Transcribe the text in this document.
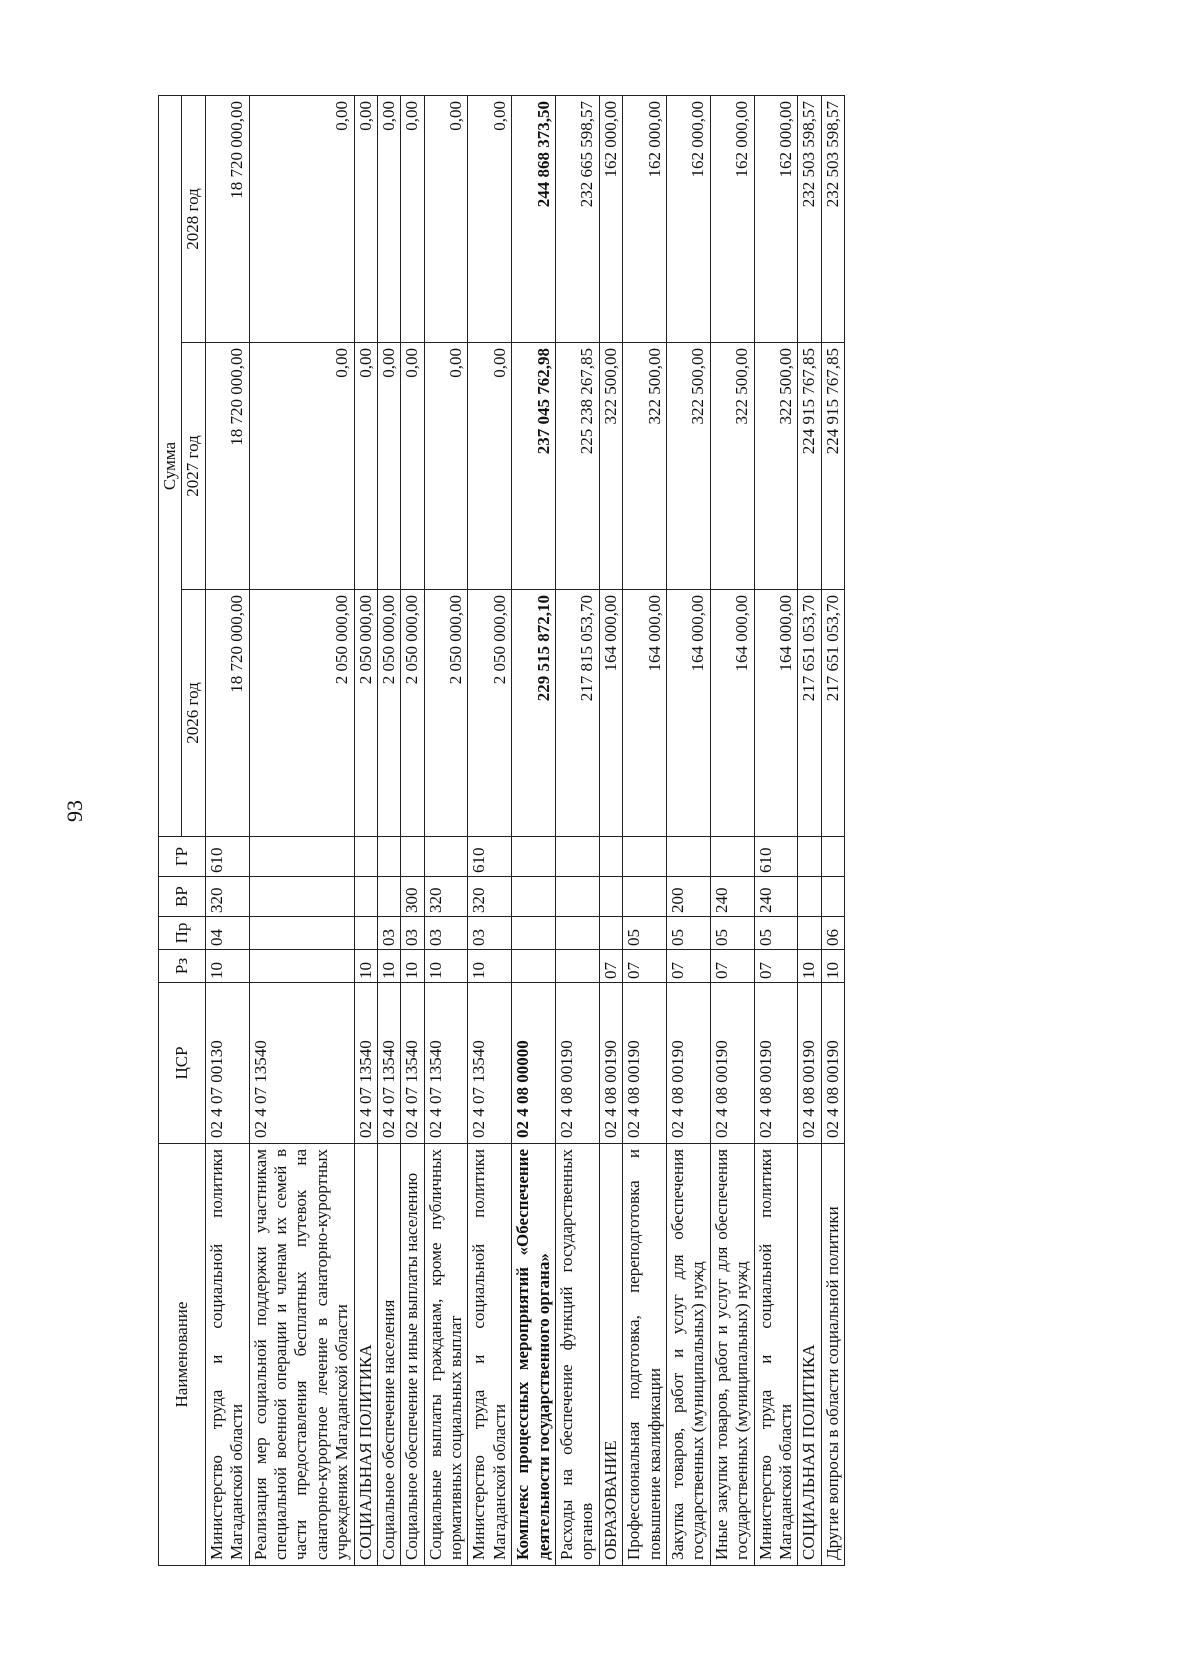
93
Наименование	ЦСР	Рз	Пр	ВР	ГР	Сумма		
						2026 год	2027 год	2028 год
Министерство труда и социальной политики Магаданской области	02 4 07 00130	10	04	320	610	18 720 000,00	18 720 000,00	18 720 000,00
Реализация мер социальной поддержки участникам специальной военной операции и членам их семей в части предоставления бесплатных путевок на санаторно-курортное лечение в санаторно-курортных учреждениях Магаданской области	02 4 07 13540					2 050 000,00	0,00	0,00
СОЦИАЛЬНАЯ ПОЛИТИКА	02 4 07 13540	10				2 050 000,00	0,00	0,00
Социальное обеспечение населения	02 4 07 13540	10	03			2 050 000,00	0,00	0,00
Социальное обеспечение и иные выплаты населению	02 4 07 13540	10	03	300		2 050 000,00	0,00	0,00
Социальные выплаты гражданам, кроме публичных нормативных социальных выплат	02 4 07 13540	10	03	320		2 050 000,00	0,00	0,00
Министерство труда и социальной политики Магаданской области	02 4 07 13540	10	03	320	610	2 050 000,00	0,00	0,00
Комплекс процессных мероприятий «Обеспечение деятельности государственного органа»	02 4 08 00000					229 515 872,10	237 045 762,98	244 868 373,50
Расходы на обеспечение функций государственных органов	02 4 08 00190					217 815 053,70	225 238 267,85	232 665 598,57
ОБРАЗОВАНИЕ	02 4 08 00190	07				164 000,00	322 500,00	162 000,00
Профессиональная подготовка, переподготовка и повышение квалификации	02 4 08 00190	07	05			164 000,00	322 500,00	162 000,00
Закупка товаров, работ и услуг для обеспечения государственных (муниципальных) нужд	02 4 08 00190	07	05	200		164 000,00	322 500,00	162 000,00
Иные закупки товаров, работ и услуг для обеспечения государственных (муниципальных) нужд	02 4 08 00190	07	05	240		164 000,00	322 500,00	162 000,00
Министерство труда и социальной политики Магаданской области	02 4 08 00190	07	05	240	610	164 000,00	322 500,00	162 000,00
СОЦИАЛЬНАЯ ПОЛИТИКА	02 4 08 00190	10				217 651 053,70	224 915 767,85	232 503 598,57
Другие вопросы в области социальной политики	02 4 08 00190	10	06			217 651 053,70	224 915 767,85	232 503 598,57
